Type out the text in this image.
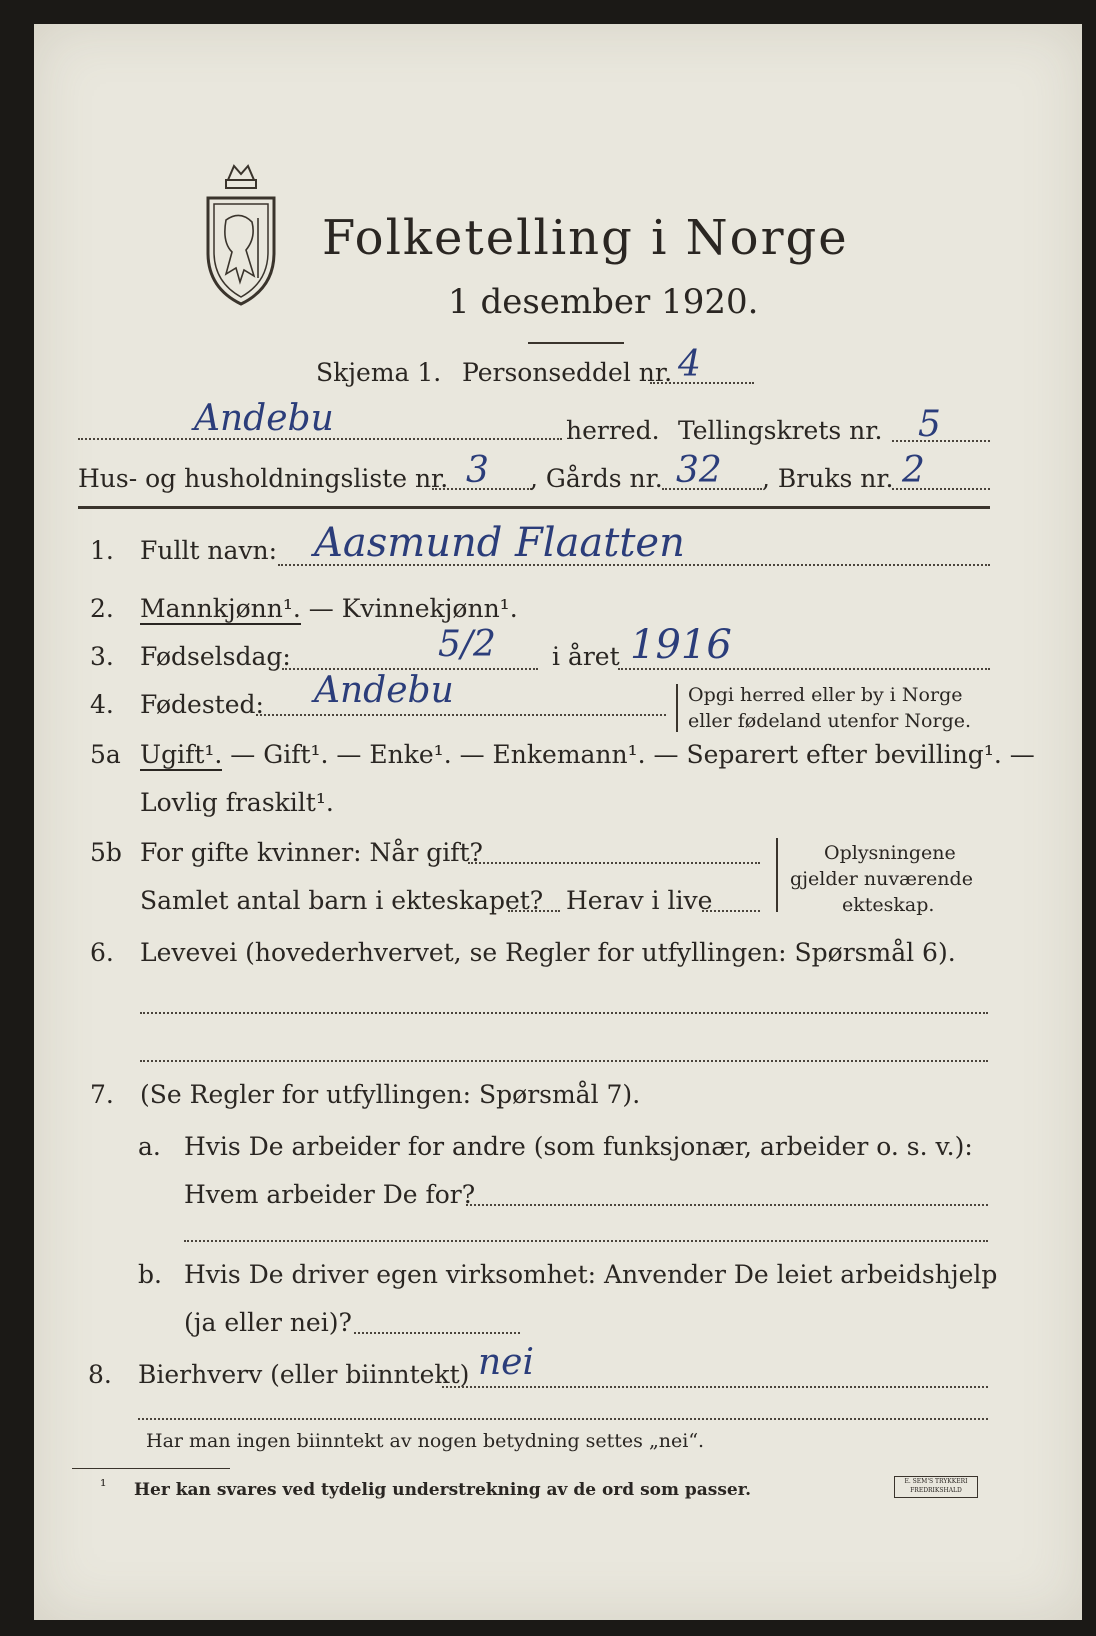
Folketelling i Norge
1 desember 1920.
Skjema 1. Personseddel nr. 4
Andebu	herred. Tellingskrets nr. 5
Hus- og husholdningsliste nr. 3 , Gårds nr. 32 , Bruks nr. 2
1. Fullt navn: Aasmund Flaatten
2. Mannkjønn¹. — Kvinnekjønn¹.
3. Fødselsdag:	5/2 i året 1916
4. Fødested: Andebu	Opgi herred eller by i Norge
eller fødeland utenfor Norge.
5a Ugift¹. — Gift¹. — Enke¹. — Enkemann¹. — Separert efter bevilling¹. —
Lovlig fraskilt¹.
5b For gifte kvinner: Når gift?
Samlet antal barn i ekteskapet? Herav i live
Oplysningene
gjelder nuværende
ekteskap.
6. Levevei (hovederhvervet, se Regler for utfyllingen: Spørsmål 6).
7. (Se Regler for utfyllingen: Spørsmål 7).
a. Hvis De arbeider for andre (som funksjonær, arbeider o. s. v.):
Hvem arbeider De for?
b. Hvis De driver egen virksomhet: Anvender De leiet arbeidshjelp
(ja eller nei)?
8. Bierhverv (eller biinntekt) nei
Har man ingen biinntekt av nogen betydning settes „nei“.
¹ Her kan svares ved tydelig understrekning av de ord som passer.	E. SEM'S TRYKKERI FREDRIKSHALD
